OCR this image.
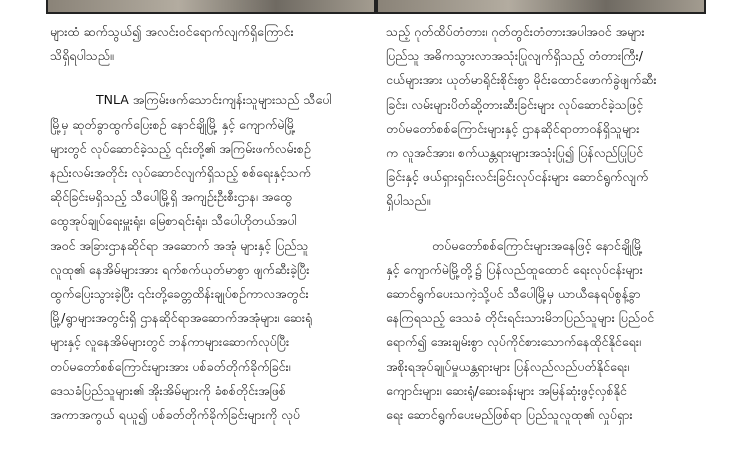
များထံ ဆက်သွယ်၍ အလင်းဝင်ရောက်လျက်ရှိကြောင်း
သိရှိရပါသည်။
TNLA အကြမ်းဖက်သောင်းကျန်းသူများသည် သီပေါ
မြို့မှ ဆုတ်ခွာထွက်ပြေးစဉ် နောင်ချိုမြို့ နှင့် ကျောက်မဲမြို့
များတွင် လုပ်ဆောင်ခဲ့သည့် ၎င်းတို့၏ အကြမ်းဖက်လမ်းစဉ်
နည်းလမ်းအတိုင်း လုပ်ဆောင်လျက်ရှိသည့် စစ်ရေးနှင့်သက်
ဆိုင်ခြင်းမရှိသည့် သီပေါမြို့ရှိ အကျဉ်းဦးစီးဌာန၊ အထွေ
ထွေအုပ်ချုပ်ရေးမှူးရုံး၊ မြေစာရင်းရုံး၊ သီပေါဟိုတယ်အပါ
အဝင် အခြားဌာနဆိုင်ရာ အဆောက် အအုံ များနှင့် ပြည်သူ
လူထု၏ နေအိမ်များအား ရက်စက်ယုတ်မာစွာ ဖျက်ဆီးခဲ့ပြီး
ထွက်ပြေးသွားခဲ့ပြီး ၎င်းတို့ခေတ္တထိန်းချုပ်စဉ်ကာလအတွင်း
မြို့/ရွာများအတွင်းရှိ ဌာနဆိုင်ရာအဆောက်အအုံများ၊ ဆေးရုံ
များနှင့် လူနေအိမ်များတွင် ဘန်ကာများဆောက်လုပ်ပြီး
တပ်မတော်စစ်ကြောင်းများအား ပစ်ခတ်တိုက်ခိုက်ခြင်း၊
ဒေသခံပြည်သူများ၏ အိုးအိမ်များကို ခံစစ်တိုင်းအဖြစ်
အကာအကွယ် ရယူ၍ ပစ်ခတ်တိုက်ခိုက်ခြင်းများကို လုပ်
သည့် ဂုတ်ထိပ်တံတား၊ ဂုတ်တွင်းတံတားအပါအဝင် အများ
ပြည်သူ အဓိကသွားလာအသုံးပြုလျက်ရှိသည့် တံတားကြီး/
ငယ်များအား ယုတ်မာရိုင်းစိုင်းစွာ မိုင်းထောင်ဖောက်ခွဲဖျက်ဆီး
ခြင်း၊ လမ်းများပိတ်ဆို့တားဆီးခြင်းများ လုပ်ဆောင်ခဲ့သဖြင့်
တပ်မတော်စစ်ကြောင်းများနှင့် ဌာနဆိုင်ရာတာဝန်ရှိသူများ
က လူအင်အား၊ စက်ယန္တရားများအသုံးပြု၍ ပြန်လည်ပြုပြင်
ခြင်းနှင့် ဖယ်ရှားရှင်းလင်းခြင်းလုပ်ငန်းများ ဆောင်ရွက်လျက်
ရှိပါသည်။
တပ်မတော်စစ်ကြောင်းများအနေဖြင့် နောင်ချိုမြို့
နှင့် ကျောက်မဲမြို့တို့၌ ပြန်လည်ထူထောင် ရေးလုပ်ငန်းများ
ဆောင်ရွက်ပေးသကဲ့သို့ပင် သီပေါမြို့မှ ယာယီနေရပ်စွန့်ခွာ
နေကြရသည့် ဒေသခံ တိုင်းရင်းသားမိဘပြည်သူများ ပြည်ဝင်
ရောက်၍ အေးချမ်းစွာ လုပ်ကိုင်စားသောက်နေထိုင်နိုင်ရေး၊
အစိုးရအုပ်ချုပ်မှုယန္တရားများ ပြန်လည်လည်ပတ်နိုင်ရေး၊
ကျောင်းများ၊ ဆေးရုံ/ဆေးခန်းများ အမြန်ဆုံးဖွင့်လှစ်နိုင်
ရေး ဆောင်ရွက်ပေးမည်ဖြစ်ရာ ပြည်သူလူထု၏ လှုပ်ရှား
